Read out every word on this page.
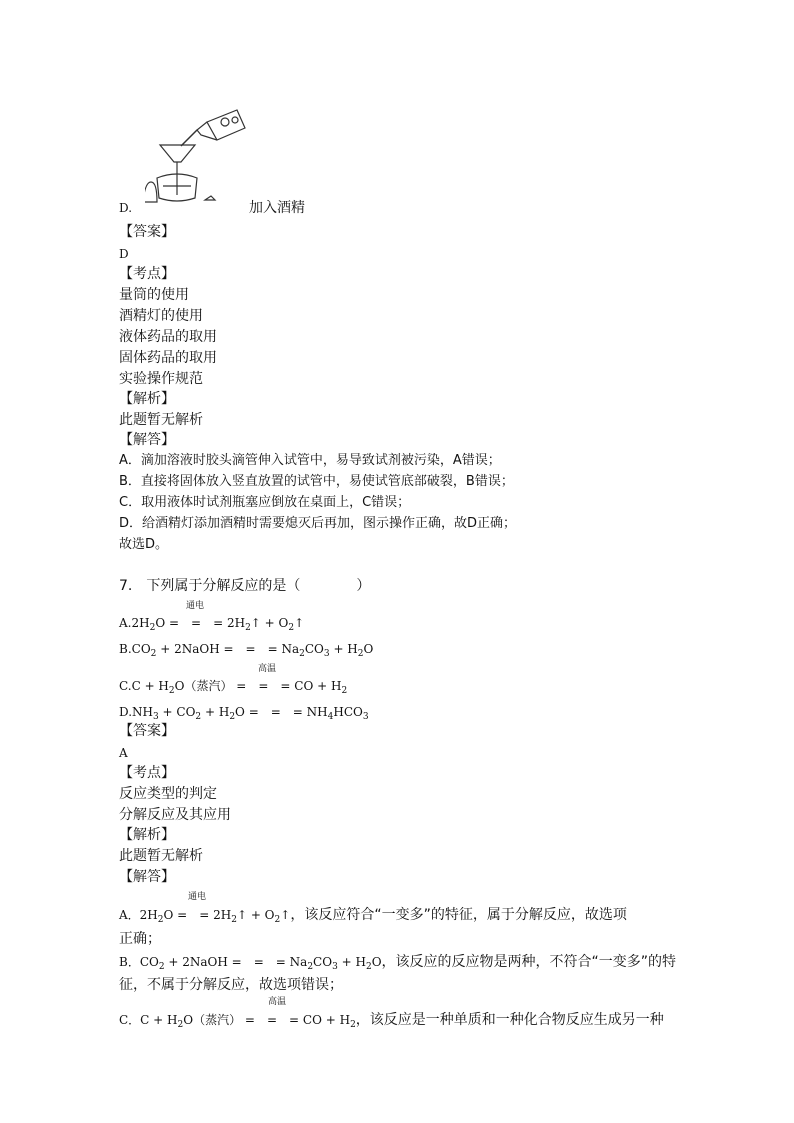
D.	加入酒精
【答案】
D
【考点】
量筒的使用
酒精灯的使用
液体药品的取用
固体药品的取用
实验操作规范
【解析】
此题暂无解析
【解答】
A．滴加溶液时胶头滴管伸入试管中，易导致试剂被污染，A错误；
B．直接将固体放入竖直放置的试管中，易使试管底部破裂，B错误；
C．取用液体时试剂瓶塞应倒放在桌面上，C错误；
D．给酒精灯添加酒精时需要熄灭后再加，图示操作正确，故D正确；
故选D。
7.　下列属于分解反应的是（　　　　）
通电
$A.2H_2O$ =　=　= $2H_2↑$ + $O_2↑$
$B.CO_2$ + 2NaOH =　=　= $Na_2CO_3 + H_2O$
高温
$C.C + H_2O$（蒸汽） =　=　= CO + $H_2$
$D.NH_3 + CO_2 + H_2O$ =　=　= $NH_4HCO_3$
【答案】
A
【考点】
反应类型的判定
分解反应及其应用
【解析】
此题暂无解析
【解答】
通电
A．$2H_2O$ =　= $2H_2↑$ + $O_2↑$，该反应符合“一变多”的特征，属于分解反应，故选项
正确；
B．$CO_2$ + 2NaOH =　=　= $Na_2CO_3 + H_2O$，该反应的反应物是两种，不符合“一变多”的特
征，不属于分解反应，故选项错误；
高温
C．$C + H_2O$（蒸汽） =　=　= CO + $H_2$，该反应是一种单质和一种化合物反应生成另一种
